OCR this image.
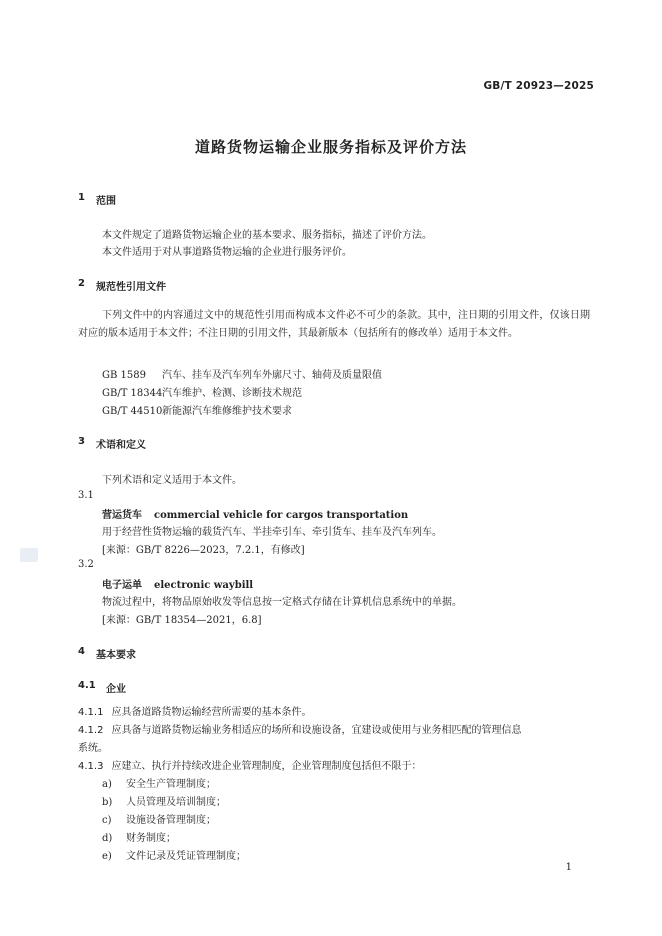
GB/T 20923—2025
道路货物运输企业服务指标及评价方法
1 范围
本文件规定了道路货物运输企业的基本要求、服务指标，描述了评价方法。
本文件适用于对从事道路货物运输的企业进行服务评价。
2 规范性引用文件
下列文件中的内容通过文中的规范性引用而构成本文件必不可少的条款。其中，注日期的引用文件，仅该日期对应的版本适用于本文件；不注日期的引用文件，其最新版本（包括所有的修改单）适用于本文件。
GB 1589 汽车、挂车及汽车列车外廓尺寸、轴荷及质量限值
GB/T 18344汽车维护、检测、诊断技术规范
GB/T 44510新能源汽车维修维护技术要求
3 术语和定义
下列术语和定义适用于本文件。
3.1
营运货车 commercial vehicle for cargos transportation
用于经营性货物运输的载货汽车、半挂牵引车、牵引货车、挂车及汽车列车。
[来源：GB/T 8226—2023，7.2.1，有修改]
3.2
电子运单 electronic waybill
物流过程中，将物品原始收发等信息按一定格式存储在计算机信息系统中的单据。
[来源：GB/T 18354—2021，6.8]
4 基本要求
4.1 企业
4.1.1 应具备道路货物运输经营所需要的基本条件。
4.1.2 应具备与道路货物运输业务相适应的场所和设施设备，宜建设或使用与业务相匹配的管理信息
系统。
4.1.3 应建立、执行并持续改进企业管理制度，企业管理制度包括但不限于：
a) 安全生产管理制度；
b) 人员管理及培训制度；
c) 设施设备管理制度；
d) 财务制度；
e) 文件记录及凭证管理制度；
1
